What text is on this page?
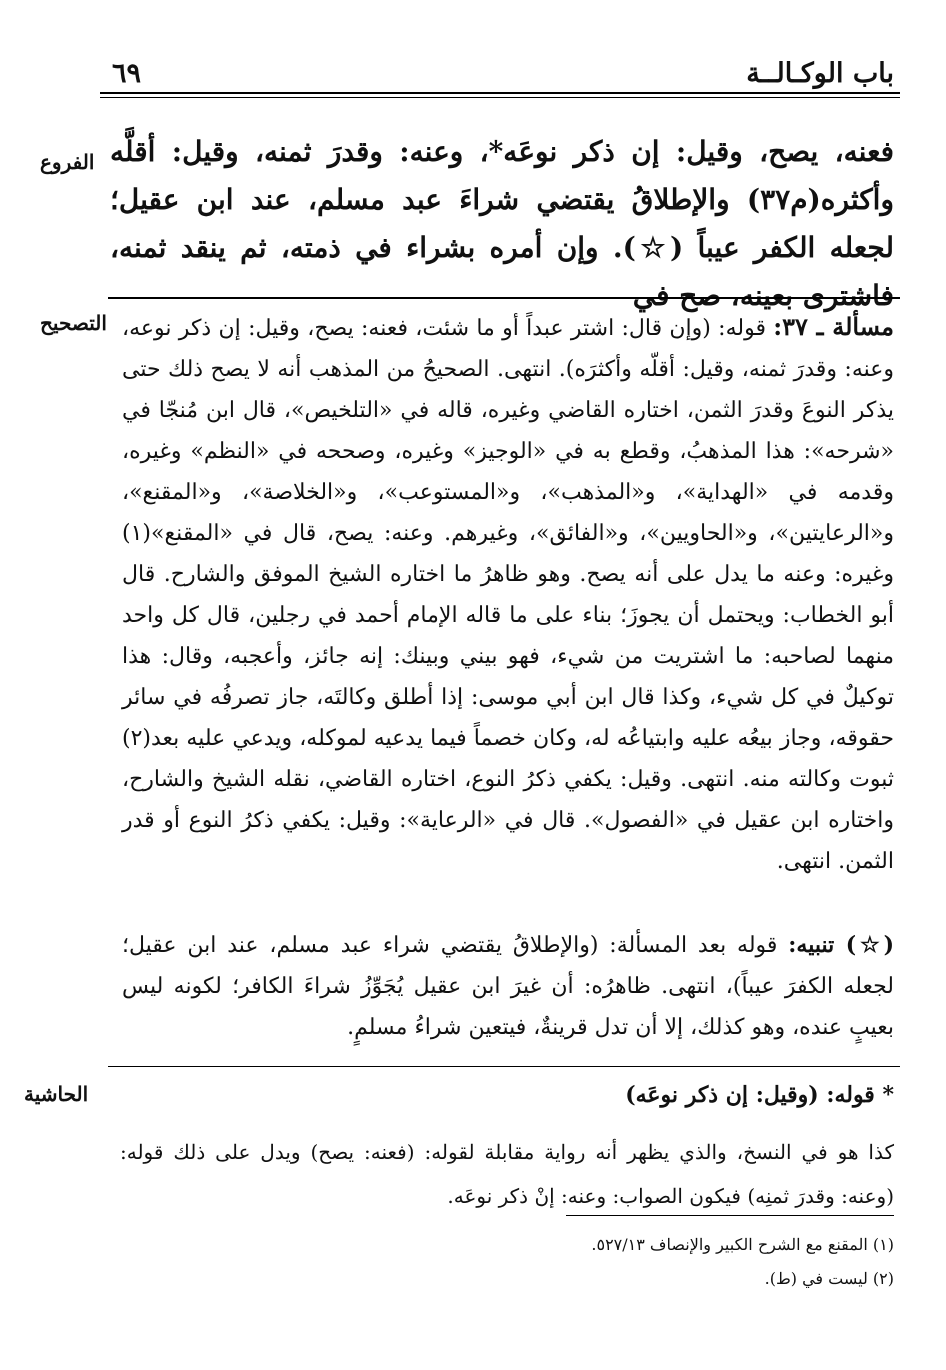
باب الوكـالــة
٦٩
الفروع فعنه، يصح، وقيل: إن ذكر نوعَه*، وعنه: وقدرَ ثمنه، وقيل: أقلَّه وأكثره(م٣٧) والإطلاقُ يقتضي شراءَ عبد مسلم، عند ابن عقيل؛ لجعله الكفر عيباً (☆). وإن أمره بشراء في ذمته، ثم ينقد ثمنه، فاشترى بعينه، صح في

التصحيح	مسألة ـ ٣٧: قوله: (وإن قال: اشتر عبداً أو ما شئت، فعنه: يصح، وقيل: إن ذكر نوعه، وعنه: وقدرَ ثمنه، وقيل: أقلّه وأكثرَه). انتهى. الصحيحُ من المذهب أنه لا يصح ذلك حتى يذكر النوعَ وقدرَ الثمن، اختاره القاضي وغيره، قاله في «التلخيص»، قال ابن مُنجّا في «شرحه»: هذا المذهبُ، وقطع به في «الوجيز» وغيره، وصححه في «النظم» وغيره، وقدمه في «الهداية»، و«المذهب»، و«المستوعب»، و«الخلاصة»، و«المقنع»، و«الرعايتين»، و«الحاويين»، و«الفائق»، وغيرهم. وعنه: يصح، قال في «المقنع»(١) وغيره: وعنه ما يدل على أنه يصح. وهو ظاهرُ ما اختاره الشيخ الموفق والشارح. قال أبو الخطاب: ويحتمل أن يجوزَ؛ بناء على ما قاله الإمام أحمد في رجلين، قال كل واحد منهما لصاحبه: ما اشتريت من شيء، فهو بيني وبينك: إنه جائز، وأعجبه، وقال: هذا توكيلٌ في كل شيء، وكذا قال ابن أبي موسى: إذا أطلق وكالتَه، جاز تصرفُه في سائر حقوقه، وجاز بيعُه عليه وابتياعُه له، وكان خصماً فيما يدعيه لموكله، ويدعي عليه بعد(٢) ثبوت وكالته منه. انتهى. وقيل: يكفي ذكرُ النوع، اختاره القاضي، نقله الشيخ والشارح، واختاره ابن عقيل في «الفصول». قال في «الرعاية»: وقيل: يكفي ذكرُ النوع أو قدر الثمن. انتهى.

(☆) تنبيه: قوله بعد المسألة: (والإطلاقُ يقتضي شراء عبد مسلم، عند ابن عقيل؛ لجعله الكفرَ عيباً)، انتهى. ظاهرُه: أن غيرَ ابن عقيل يُجَوِّزُ شراءَ الكافر؛ لكونه ليس بعيبٍ عنده، وهو كذلك، إلا أن تدل قرينةٌ، فيتعين شراءُ مسلمٍ.

الحاشية	* قوله: (وقيل: إن ذكر نوعَه)

كذا هو في النسخ، والذي يظهر أنه رواية مقابلة لقوله: (فعنه: يصح) ويدل على ذلك قوله: (وعنه: وقدرَ ثمنِه) فيكون الصواب: وعنه: إنْ ذكر نوعَه.

(١) المقنع مع الشرح الكبير والإنصاف ٥٢٧/١٣.
(٢) ليست في (ط).
